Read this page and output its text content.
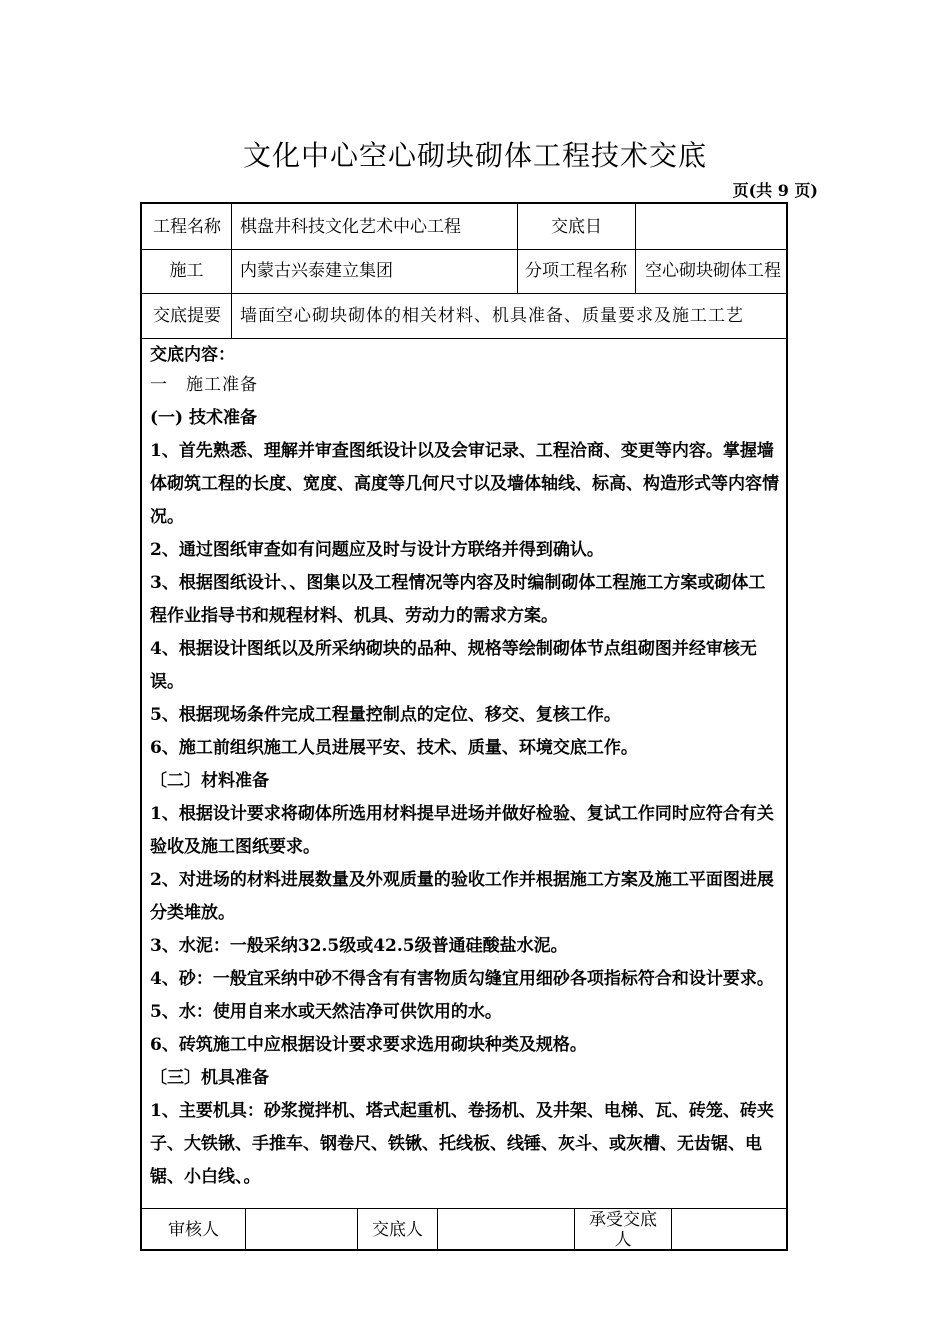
文化中心空心砌块砌体工程技术交底
页(共 9 页)
工程名称	棋盘井科技文化艺术中心工程	交底日
施工	内蒙古兴泰建立集团	分项工程名称 空心砌块砌体工程
交底提要	墙面空心砌块砌体的相关材料、机具准备、质量要求及施工工艺

交底内容：

一　施工准备

(一) 技术准备

1、首先熟悉、理解并审查图纸设计以及会审记录、工程洽商、变更等内容。掌握墙体砌筑工程的长度、宽度、高度等几何尺寸以及墙体轴线、标高、构造形式等内容情况。

2、通过图纸审查如有问题应及时与设计方联络并得到确认。

3、根据图纸设计、、图集以及工程情况等内容及时编制砌体工程施工方案或砌体工程作业指导书和规程材料、机具、劳动力的需求方案。

4、根据设计图纸以及所采纳砌块的品种、规格等绘制砌体节点组砌图并经审核无误。

5、根据现场条件完成工程量控制点的定位、移交、复核工作。

6、施工前组织施工人员进展平安、技术、质量、环境交底工作。

〔二〕材料准备

1、根据设计要求将砌体所选用材料提早进场并做好检验、复试工作同时应符合有关验收及施工图纸要求。

2、对进场的材料进展数量及外观质量的验收工作并根据施工方案及施工平面图进展分类堆放。

3、水泥：一般采纳32.5级或42.5级普通硅酸盐水泥。

4、砂：一般宜采纳中砂不得含有有害物质勾缝宜用细砂各项指标符合和设计要求。5、水：使用自来水或天然洁净可供饮用的水。

6、砖筑施工中应根据设计要求要求选用砌块种类及规格。

〔三〕机具准备

1、主要机具：砂浆搅拌机、塔式起重机、卷扬机、及井架、电梯、瓦、砖笼、砖夹子、大铁锹、手推车、钢卷尺、铁锹、托线板、线锤、灰斗、或灰槽、无齿锯、电锯、小白线、。

审核人	交底人	承受交底人
